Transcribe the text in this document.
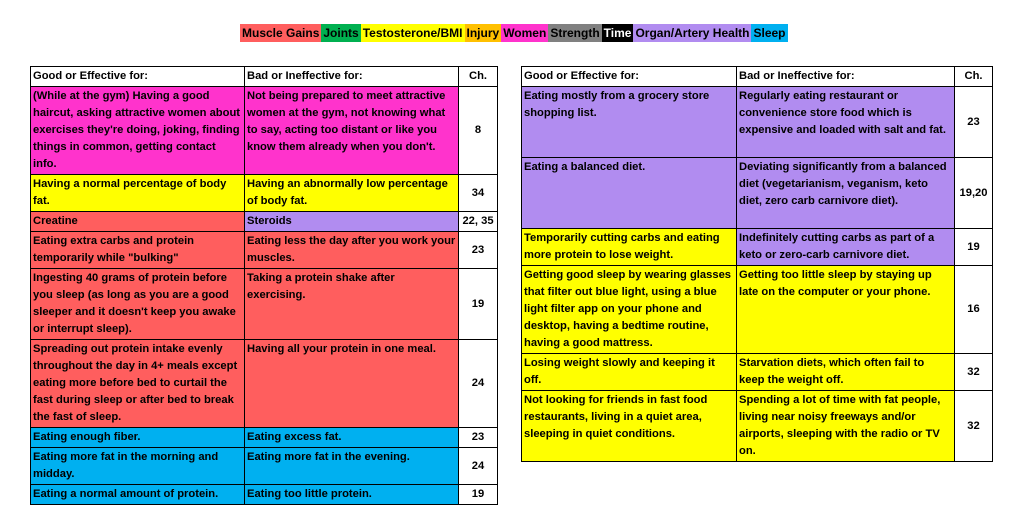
Muscle Gains Joints Testosterone/BMI Injury Women Strength Time Organ/Artery Health Sleep
Good or Effective for:	Bad or Ineffective for:	Ch.
(While at the gym) Having a good haircut, asking attractive women about exercises they're doing, joking, finding things in common, getting contact info.	Not being prepared to meet attractive women at the gym, not knowing what to say, acting too distant or like you know them already when you don't.	8
Having a normal percentage of body fat.	Having an abnormally low percentage of body fat.	34
Creatine	Steroids	22, 35
Eating extra carbs and protein temporarily while "bulking"	Eating less the day after you work your muscles.	23
Ingesting 40 grams of protein before you sleep (as long as you are a good sleeper and it doesn't keep you awake or interrupt sleep).	Taking a protein shake after exercising.	19
Spreading out protein intake evenly throughout the day in 4+ meals except eating more before bed to curtail the fast during sleep or after bed to break the fast of sleep.	Having all your protein in one meal.	24
Eating enough fiber.	Eating excess fat.	23
Eating more fat in the morning and midday.	Eating more fat in the evening.	24
Eating a normal amount of protein.	Eating too little protein.	19
Good or Effective for:	Bad or Ineffective for:	Ch.
Eating mostly from a grocery store shopping list.	Regularly eating restaurant or convenience store food which is expensive and loaded with salt and fat.	23
Eating a balanced diet.	Deviating significantly from a balanced diet (vegetarianism, veganism, keto diet, zero carb carnivore diet).	19,20
Temporarily cutting carbs and eating more protein to lose weight.	Indefinitely cutting carbs as part of a keto or zero-carb carnivore diet.	19
Getting good sleep by wearing glasses that filter out blue light, using a blue light filter app on your phone and desktop, having a bedtime routine, having a good mattress.	Getting too little sleep by staying up late on the computer or your phone.	16
Losing weight slowly and keeping it off.	Starvation diets, which often fail to keep the weight off.	32
Not looking for friends in fast food restaurants, living in a quiet area, sleeping in quiet conditions.	Spending a lot of time with fat people, living near noisy freeways and/or airports, sleeping with the radio or TV on.	32
